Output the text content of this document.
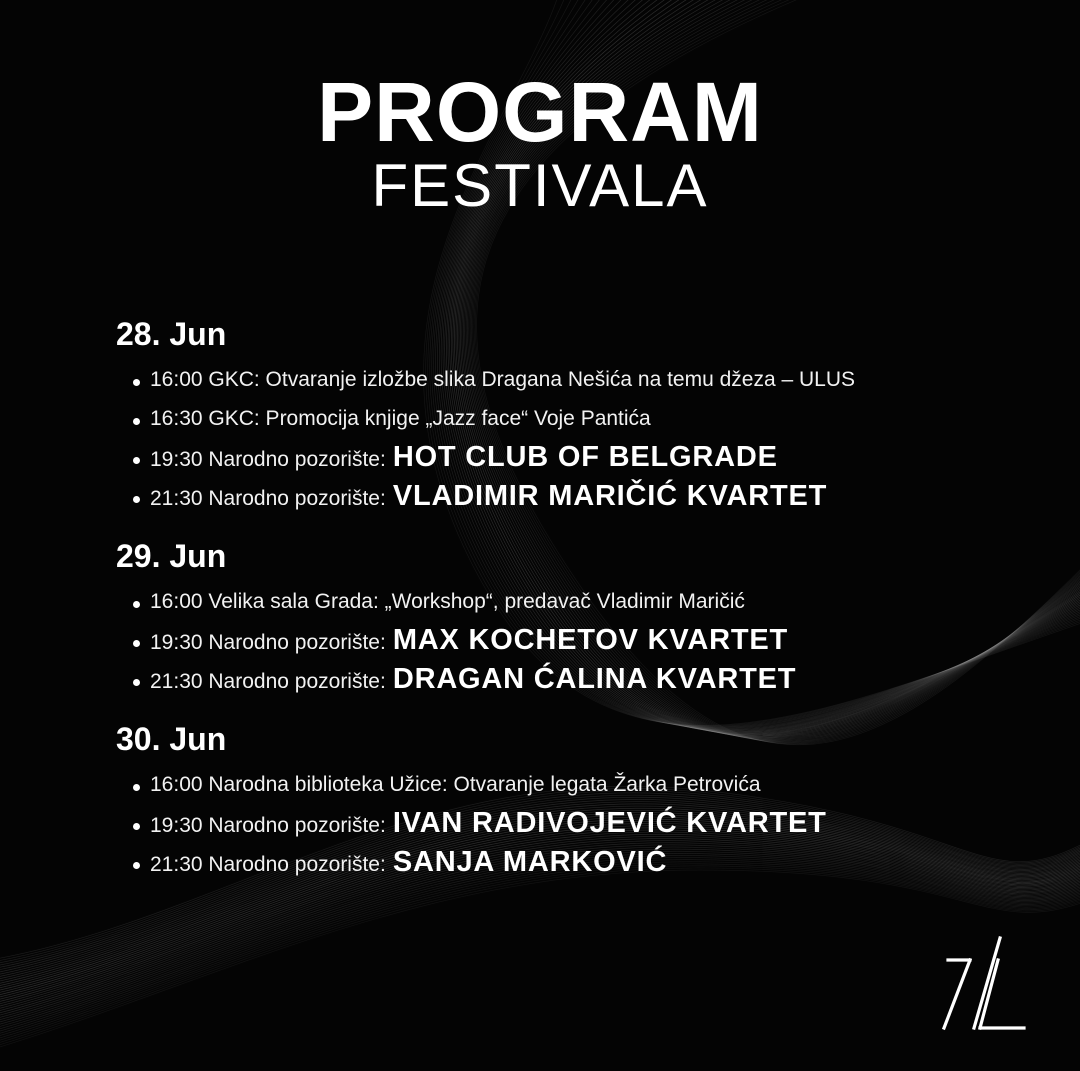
PROGRAM
FESTIVALA
28. Jun
16:00 GKC: Otvaranje izložbe slika Dragana Nešića na temu džeza – ULUS
16:30 GKC: Promocija knjige „Jazz face“ Voje Pantića
19:30 Narodno pozorište: HOT CLUB OF BELGRADE
21:30 Narodno pozorište: VLADIMIR MARIČIĆ KVARTET
29. Jun
16:00 Velika sala Grada: „Workshop“, predavač Vladimir Maričić
19:30 Narodno pozorište: MAX KOCHETOV KVARTET
21:30 Narodno pozorište: DRAGAN ĆALINA KVARTET
30. Jun
16:00 Narodna biblioteka Užice: Otvaranje legata Žarka Petrovića
19:30 Narodno pozorište: IVAN RADIVOJEVIĆ KVARTET
21:30 Narodno pozorište: SANJA MARKOVIĆ
